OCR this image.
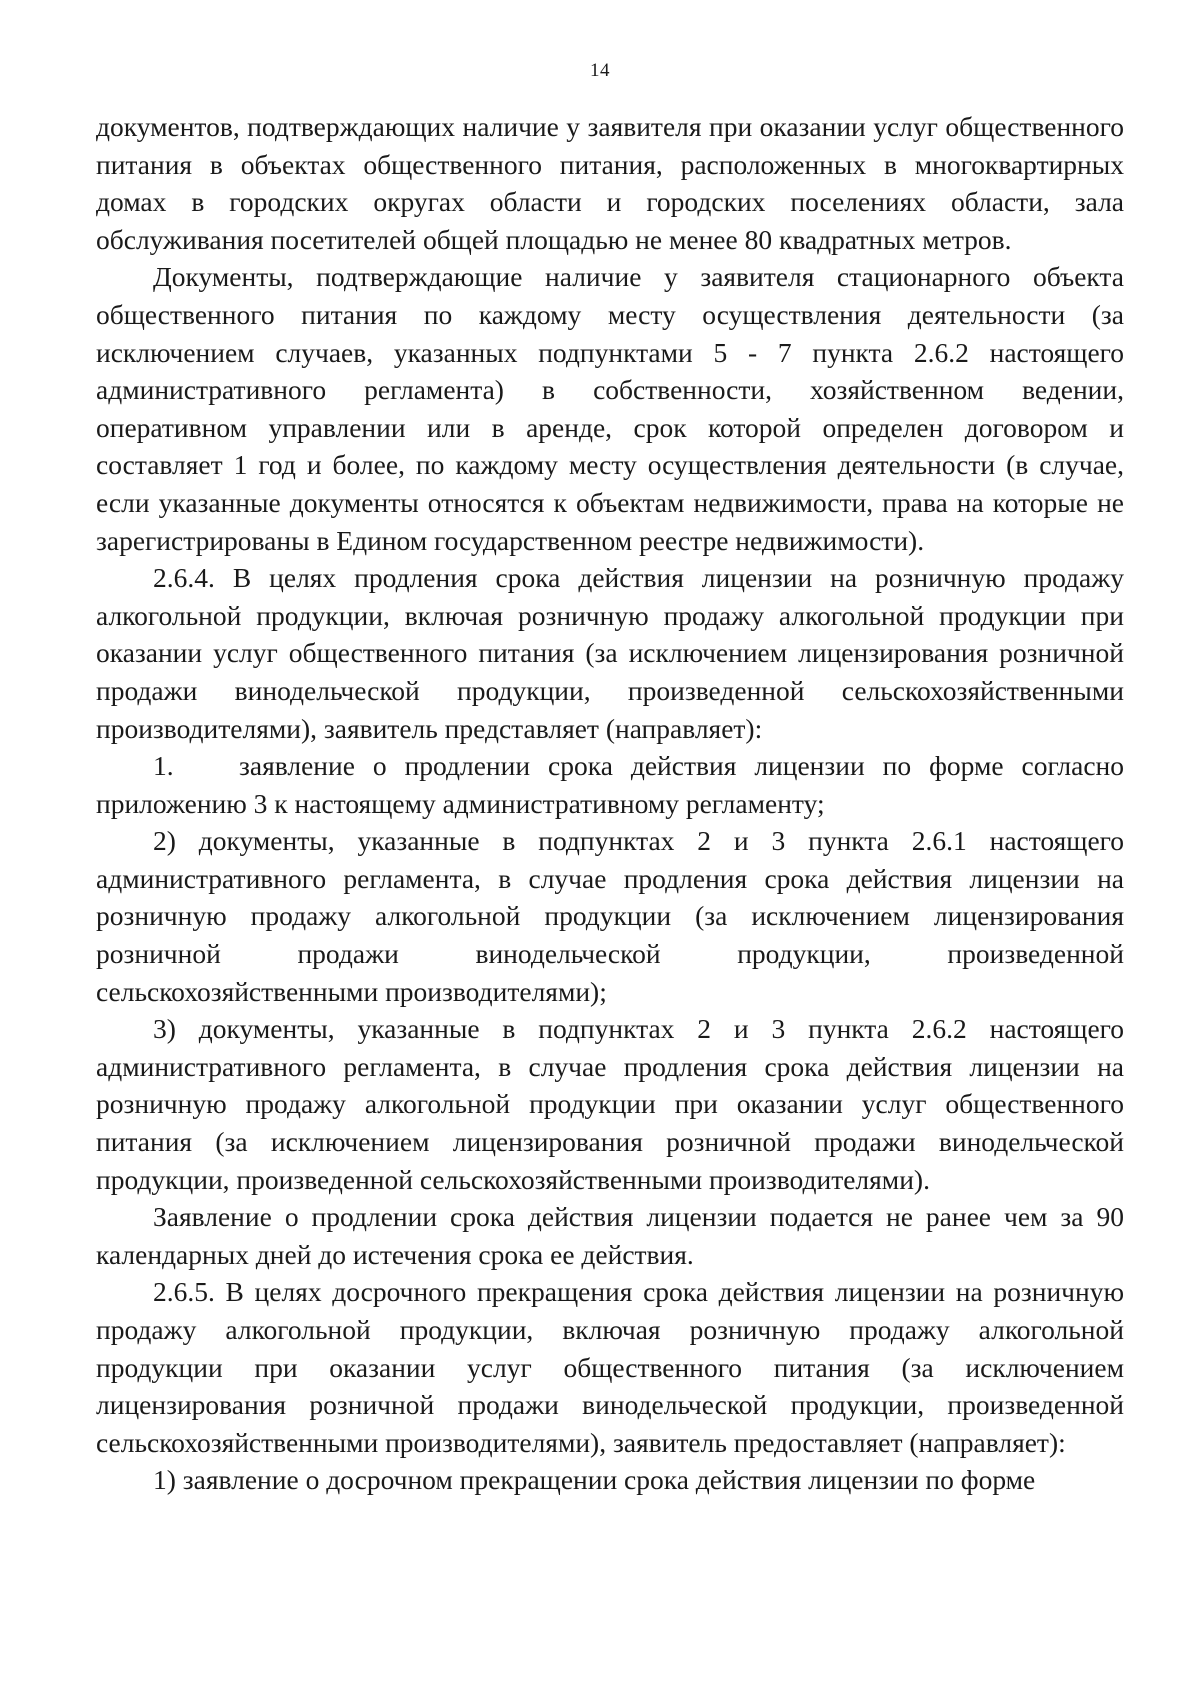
14

документов, подтверждающих наличие у заявителя при оказании услуг общественного питания в объектах общественного питания, расположенных в многоквартирных домах в городских округах области и городских поселениях области, зала обслуживания посетителей общей площадью не менее 80 квадратных метров.

Документы, подтверждающие наличие у заявителя стационарного объекта общественного питания по каждому месту осуществления деятельности (за исключением случаев, указанных подпунктами 5 - 7 пункта 2.6.2 настоящего административного регламента) в собственности, хозяйственном ведении, оперативном управлении или в аренде, срок которой определен договором и составляет 1 год и более, по каждому месту осуществления деятельности (в случае, если указанные документы относятся к объектам недвижимости, права на которые не зарегистрированы в Едином государственном реестре недвижимости).

2.6.4. В целях продления срока действия лицензии на розничную продажу алкогольной продукции, включая розничную продажу алкогольной продукции при оказании услуг общественного питания (за исключением лицензирования розничной продажи винодельческой продукции, произведенной сельскохозяйственными производителями), заявитель представляет (направляет):

1. заявление о продлении срока действия лицензии по форме согласно приложению 3 к настоящему административному регламенту;

2) документы, указанные в подпунктах 2 и 3 пункта 2.6.1 настоящего административного регламента, в случае продления срока действия лицензии на розничную продажу алкогольной продукции (за исключением лицензирования розничной продажи винодельческой продукции, произведенной сельскохозяйственными производителями);

3) документы, указанные в подпунктах 2 и 3 пункта 2.6.2 настоящего административного регламента, в случае продления срока действия лицензии на розничную продажу алкогольной продукции при оказании услуг общественного питания (за исключением лицензирования розничной продажи винодельческой продукции, произведенной сельскохозяйственными производителями).

Заявление о продлении срока действия лицензии подается не ранее чем за 90 календарных дней до истечения срока ее действия.

2.6.5. В целях досрочного прекращения срока действия лицензии на розничную продажу алкогольной продукции, включая розничную продажу алкогольной продукции при оказании услуг общественного питания (за исключением лицензирования розничной продажи винодельческой продукции, произведенной сельскохозяйственными производителями), заявитель предоставляет (направляет):

1) заявление о досрочном прекращении срока действия лицензии по форме
